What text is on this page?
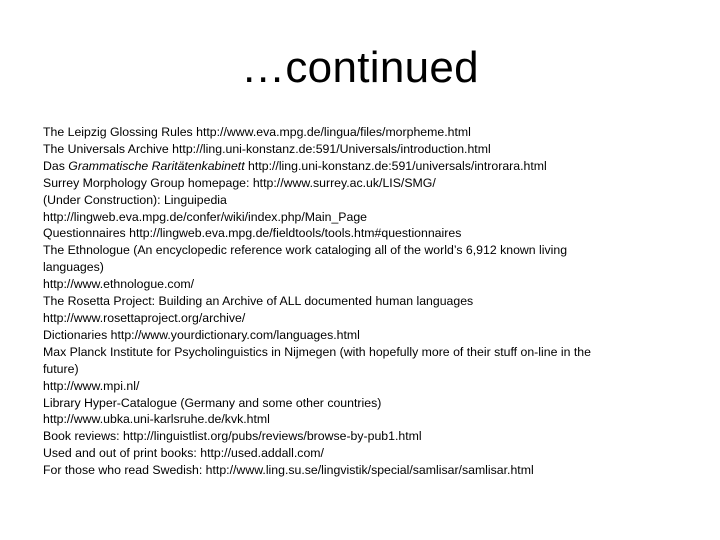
…continued
The Leipzig Glossing Rules http://www.eva.mpg.de/lingua/files/morpheme.html
The Universals Archive http://ling.uni-konstanz.de:591/Universals/introduction.html
Das Grammatische Raritätenkabinett http://ling.uni-konstanz.de:591/universals/introrara.html
Surrey Morphology Group homepage: http://www.surrey.ac.uk/LIS/SMG/
(Under Construction): Linguipedia
http://lingweb.eva.mpg.de/confer/wiki/index.php/Main_Page
Questionnaires http://lingweb.eva.mpg.de/fieldtools/tools.htm#questionnaires
The Ethnologue (An encyclopedic reference work cataloging all of the world’s 6,912 known living languages)
http://www.ethnologue.com/
The Rosetta Project: Building an Archive of ALL documented human languages
http://www.rosettaproject.org/archive/
Dictionaries http://www.yourdictionary.com/languages.html
Max Planck Institute for Psycholinguistics in Nijmegen (with hopefully more of their stuff on-line in the future)
http://www.mpi.nl/
Library Hyper-Catalogue (Germany and some other countries)
http://www.ubka.uni-karlsruhe.de/kvk.html
Book reviews: http://linguistlist.org/pubs/reviews/browse-by-pub1.html
Used and out of print books: http://used.addall.com/
For those who read Swedish: http://www.ling.su.se/lingvistik/special/samlisar/samlisar.html
